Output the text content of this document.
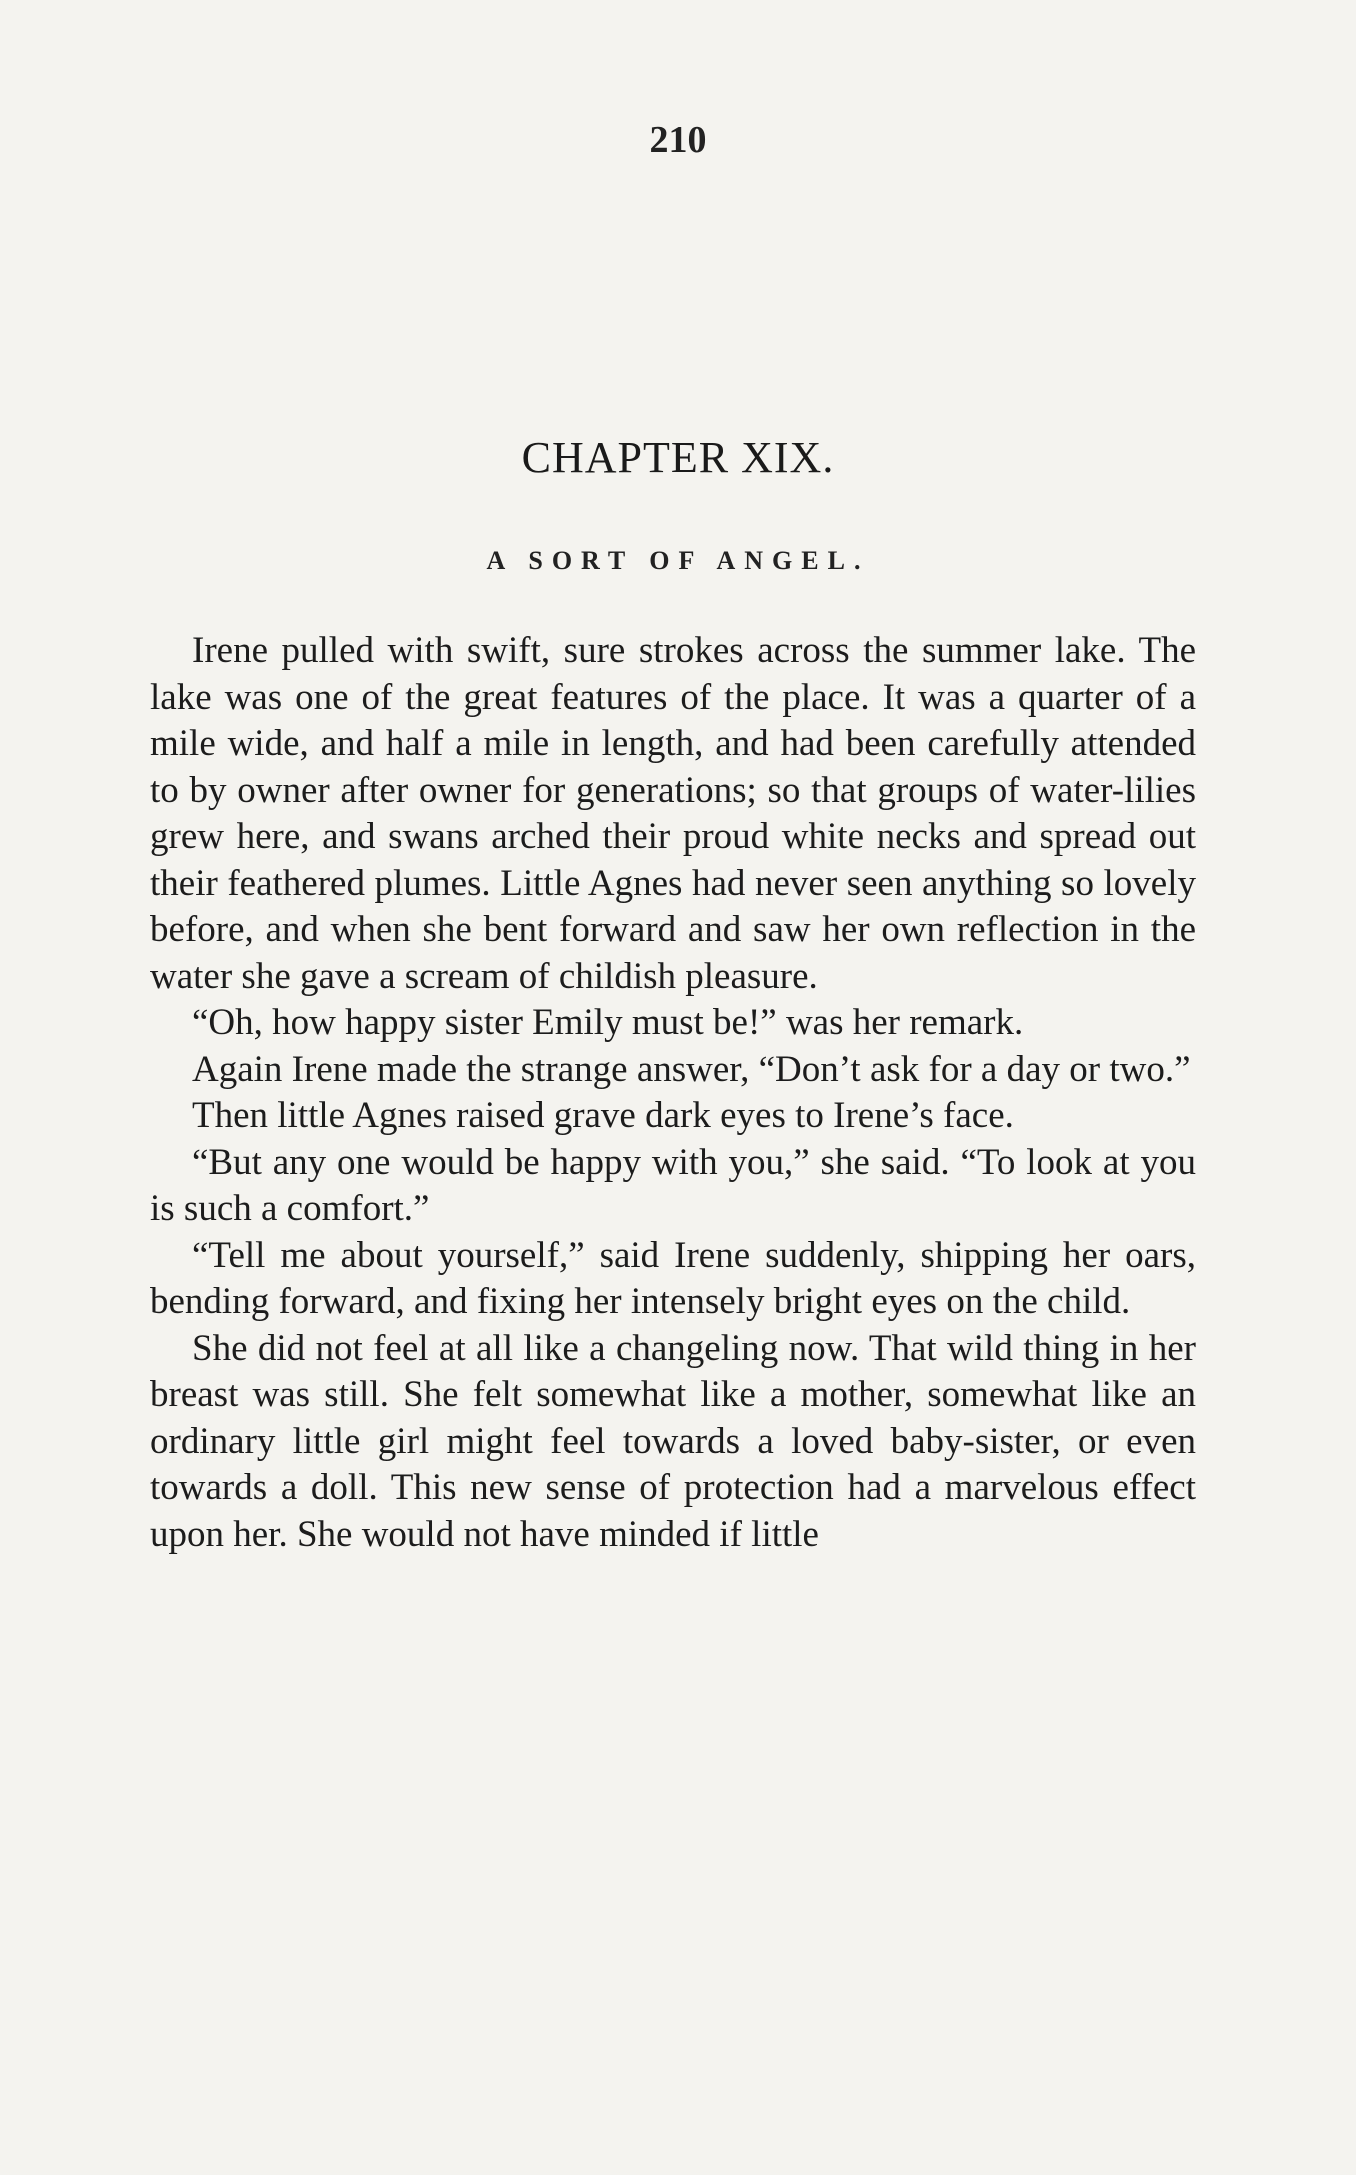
210
CHAPTER XIX.
A SORT OF ANGEL.

Irene pulled with swift, sure strokes across the summer lake. The lake was one of the great features of the place. It was a quarter of a mile wide, and half a mile in length, and had been carefully attended to by owner after owner for generations; so that groups of water-lilies grew here, and swans arched their proud white necks and spread out their feathered plumes. Little Agnes had never seen anything so lovely before, and when she bent forward and saw her own reflection in the water she gave a scream of childish pleasure.

“Oh, how happy sister Emily must be!” was her remark.

Again Irene made the strange answer, “Don’t ask for a day or two.”

Then little Agnes raised grave dark eyes to Irene’s face.

“But any one would be happy with you,” she said. “To look at you is such a comfort.”

“Tell me about yourself,” said Irene suddenly, shipping her oars, bending forward, and fixing her intensely bright eyes on the child.

She did not feel at all like a changeling now. That wild thing in her breast was still. She felt somewhat like a mother, somewhat like an ordinary little girl might feel towards a loved baby-sister, or even towards a doll. This new sense of protection had a marvelous effect upon her. She would not have minded if little
